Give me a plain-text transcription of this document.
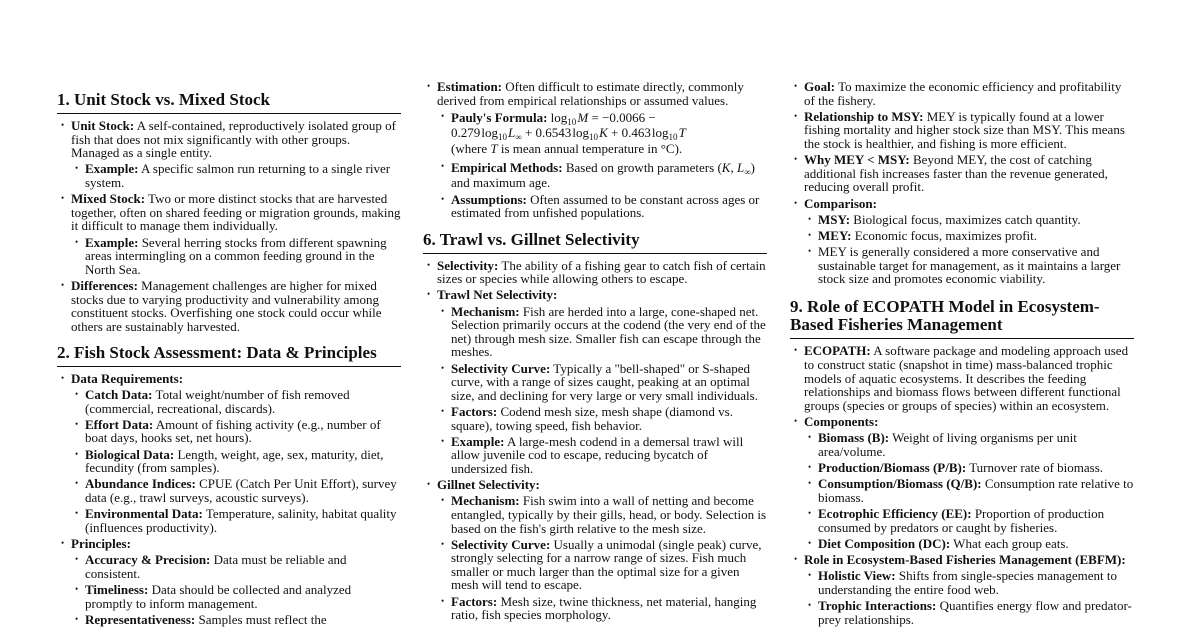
1. Unit Stock vs. Mixed Stock
• Unit Stock: A self-contained, reproductively isolated group of fish that does not mix significantly with other groups. Managed as a single entity.
• Example: A specific salmon run returning to a single river system.
• Mixed Stock: Two or more distinct stocks that are harvested together, often on shared feeding or migration grounds, making it difficult to manage them individually.
• Example: Several herring stocks from different spawning areas intermingling on a common feeding ground in the North Sea.
• Differences: Management challenges are higher for mixed stocks due to varying productivity and vulnerability among constituent stocks. Overfishing one stock could occur while others are sustainably harvested.
2. Fish Stock Assessment: Data & Principles
• Data Requirements:
• Catch Data: Total weight/number of fish removed (commercial, recreational, discards).
• Effort Data: Amount of fishing activity (e.g., number of boat days, hooks set, net hours).
• Biological Data: Length, weight, age, sex, maturity, diet, fecundity (from samples).
• Abundance Indices: CPUE (Catch Per Unit Effort), survey data (e.g., trawl surveys, acoustic surveys).
• Environmental Data: Temperature, salinity, habitat quality (influences productivity).
• Principles:
• Accuracy & Precision: Data must be reliable and consistent.
• Timeliness: Data should be collected and analyzed promptly to inform management.
• Representativeness: Samples must reflect the
• Estimation: Often difficult to estimate directly, commonly derived from empirical relationships or assumed values.
• Pauly's Formula: $\log_{10}$ M = −0.0066 −
0.279 $\log_{10}$ $L_\infty + 0.6543$ $\log_{10}$ K + 0.463 $\log_{10}$ T
(where T is mean annual temperature in °C).
• Empirical Methods: Based on growth parameters (K, $L_\infty$) and maximum age.
• Assumptions: Often assumed to be constant across ages or estimated from unfished populations.
6. Trawl vs. Gillnet Selectivity
• Selectivity: The ability of a fishing gear to catch fish of certain sizes or species while allowing others to escape.
• Trawl Net Selectivity:
• Mechanism: Fish are herded into a large, cone-shaped net. Selection primarily occurs at the codend (the very end of the net) through mesh size. Smaller fish can escape through the meshes.
• Selectivity Curve: Typically a "bell-shaped" or S-shaped curve, with a range of sizes caught, peaking at an optimal size, and declining for very large or very small individuals.
• Factors: Codend mesh size, mesh shape (diamond vs. square), towing speed, fish behavior.
• Example: A large-mesh codend in a demersal trawl will allow juvenile cod to escape, reducing bycatch of undersized fish.
• Gillnet Selectivity:
• Mechanism: Fish swim into a wall of netting and become entangled, typically by their gills, head, or body. Selection is based on the fish's girth relative to the mesh size.
• Selectivity Curve: Usually a unimodal (single peak) curve, strongly selecting for a narrow range of sizes. Fish much smaller or much larger than the optimal size for a given mesh will tend to escape.
• Factors: Mesh size, twine thickness, net material, hanging ratio, fish species morphology.
• Goal: To maximize the economic efficiency and profitability of the fishery.
• Relationship to MSY: MEY is typically found at a lower fishing mortality and higher stock size than MSY. This means the stock is healthier, and fishing is more efficient.
• Why MEY < MSY: Beyond MEY, the cost of catching additional fish increases faster than the revenue generated, reducing overall profit.
• Comparison:
• MSY: Biological focus, maximizes catch quantity.
• MEY: Economic focus, maximizes profit.
• MEY is generally considered a more conservative and sustainable target for management, as it maintains a larger stock size and promotes economic viability.
9. Role of ECOPATH Model in Ecosystem-Based Fisheries Management
• ECOPATH: A software package and modeling approach used to construct static (snapshot in time) mass-balanced trophic models of aquatic ecosystems. It describes the feeding relationships and biomass flows between different functional groups (species or groups of species) within an ecosystem.
• Components:
• Biomass (B): Weight of living organisms per unit area/volume.
• Production/Biomass (P/B): Turnover rate of biomass.
• Consumption/Biomass (Q/B): Consumption rate relative to biomass.
• Ecotrophic Efficiency (EE): Proportion of production consumed by predators or caught by fisheries.
• Diet Composition (DC): What each group eats.
• Role in Ecosystem-Based Fisheries Management (EBFM):
• Holistic View: Shifts from single-species management to understanding the entire food web.
• Trophic Interactions: Quantifies energy flow and predator-prey relationships.
